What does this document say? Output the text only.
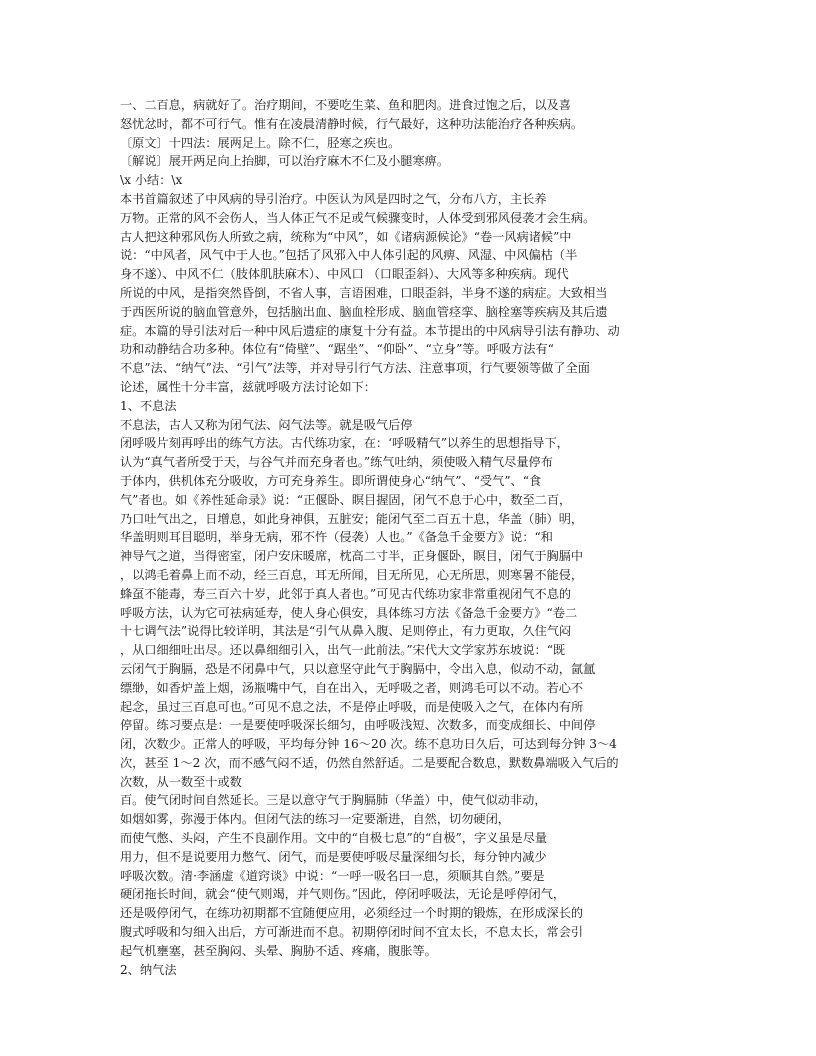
一、二百息，病就好了。治疗期间，不要吃生菜、鱼和肥肉。进食过饱之后，以及喜
怒忧忿时，都不可行气。惟有在凌晨清静时候，行气最好，这种功法能治疗各种疾病。
〔原文〕十四法：展两足上。除不仁，胫寒之疾也。
〔解说〕展开两足向上抬脚，可以治疗麻木不仁及小腿寒痹。
\x 小结：\x
本书首篇叙述了中风病的导引治疗。中医认为风是四时之气，分布八方，主长养
万物。正常的风不会伤人，当人体正气不足或气候骤变时，人体受到邪风侵袭才会生病。
古人把这种邪风伤人所致之病，统称为“中风”，如《诸病源候论》“卷一风病诸候”中
说：“中风者，风气中于人也。”包括了风邪入中人体引起的风痹、风湿、中风偏枯（半
身不遂）、中风不仁（肢体肌肤麻木）、中风口 （口眼歪斜）、大风等多种疾病。现代
所说的中风，是指突然昏倒，不省人事，言语困难，口眼歪斜，半身不遂的病症。大致相当
于西医所说的脑血管意外，包括脑出血、脑血栓形成、脑血管痉挛、脑栓塞等疾病及其后遗
症。本篇的导引法对后一种中风后遗症的康复十分有益。本节提出的中风病导引法有静功、动
功和动静结合功多种。体位有“倚壁”、“踞坐”、“仰卧”、“立身”等。呼吸方法有“
不息”法、“纳气”法、“引气”法等，并对导引行气方法、注意事项，行气要领等做了全面
论述，属性十分丰富，兹就呼吸方法讨论如下：
1、不息法
不息法，古人又称为闭气法、闷气法等。就是吸气后停
闭呼吸片刻再呼出的练气方法。古代练功家，在：‘呼吸精气”以养生的思想指导下，
认为“真气者所受于天，与谷气并而充身者也。”练气吐纳，须使吸入精气尽量停布
于体内，供机体充分吸收，方可充身养生。即所谓使身心“纳气”、“受气”、“食
气”者也。如《养性延命录》说：“正偃卧、瞑目握固，闭气不息于心中，数至二百，
乃口吐气出之，日增息，如此身神俱，五脏安；能闭气至二百五十息，华盖（肺）明，
华盖明则耳目聪明，举身无病，邪不忤（侵袭）人也。”《备急千金要方》说：“和
神导气之道，当得密室，闭户安床暖席，枕高二寸半，正身偃卧，瞑目，闭气于胸膈中
，以鸿毛着鼻上而不动，经三百息，耳无所闻，目无所见，心无所思，则寒暑不能侵，
蜂虿不能毒，寿三百六十岁，此邻于真人者也。”可见古代练功家非常重视闭气不息的
呼吸方法，认为它可祛病延寿，使人身心俱安，具体练习方法《备急千金要方》“卷二
十七调气法”说得比较详明，其法是“引气从鼻入腹、足则停止，有力更取，久住气闷
，从口细细吐出尽。还以鼻细细引入，出气一此前法。”宋代大文学家苏东坡说：“既
云闭气于胸膈，恐是不闭鼻中气，只以意坚守此气于胸膈中，令出入息，似动不动，氤氲
缥缈，如香炉盖上烟，汤瓶嘴中气，自在出入，无呼吸之者，则鸿毛可以不动。若心不
起念，虽过三百息可也。”可见不息之法，不是停止呼吸，而是使吸入之气，在体内有所
停留。练习要点是：一是要使呼吸深长细匀，由呼吸浅短、次数多，而变成细长、中间停
闭，次数少。正常人的呼吸，平均每分钟 16～20 次。练不息功日久后，可达到每分钟 3～4
次，甚至 1～2 次，而不感气闷不适，仍然自然舒适。二是要配合数息，默数鼻端吸入气后的
次数，从一数至十或数
百。使气闭时间自然延长。三是以意守气于胸膈肺（华盖）中，使气似动非动，
如烟如雾，弥漫于体内。但闭气法的练习一定要渐进，自然，切勿硬闭，
而使气憋、头闷，产生不良副作用。文中的“自极七息”的“自极”，字义虽是尽量
用力，但不是说要用力憋气、闭气，而是要使呼吸尽量深细匀长，每分钟内减少
呼吸次数。清·李涵虚《道窍谈》中说：“一呼一吸名曰一息，须顺其自然。”要是
硬闭拖长时间，就会“使气则竭，并气则伤。”因此，停闭呼吸法，无论是呼停闭气，
还是吸停闭气，在练功初期都不宜随便应用，必须经过一个时期的锻炼，在形成深长的
腹式呼吸和匀细入出后，方可渐进而不息。初期停闭时间不宜太长，不息太长，常会引
起气机壅塞，甚至胸闷、头晕、胸胁不适、疼痛，腹胀等。
2、纳气法
